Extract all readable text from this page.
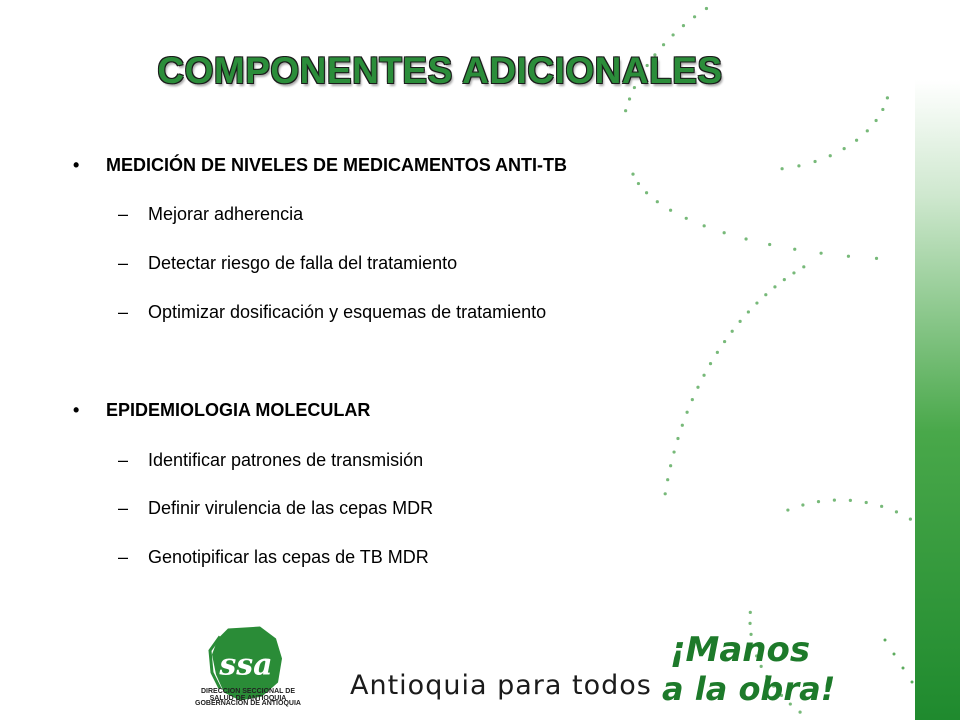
COMPONENTES ADICIONALES
• MEDICIÓN DE NIVELES DE MEDICAMENTOS ANTI-TB
– Mejorar adherencia
– Detectar riesgo de falla del tratamiento
– Optimizar dosificación y esquemas de tratamiento
• EPIDEMIOLOGIA MOLECULAR
– Identificar patrones de transmisión
– Definir virulencia de las cepas MDR
– Genotipificar las cepas de TB MDR
ssa
DIRECCION SECCIONAL DE SALUD DE ANTIOQUIA
GOBERNACION DE ANTIOQUIA
Antioquia para todos
¡Manos
a la obra!
